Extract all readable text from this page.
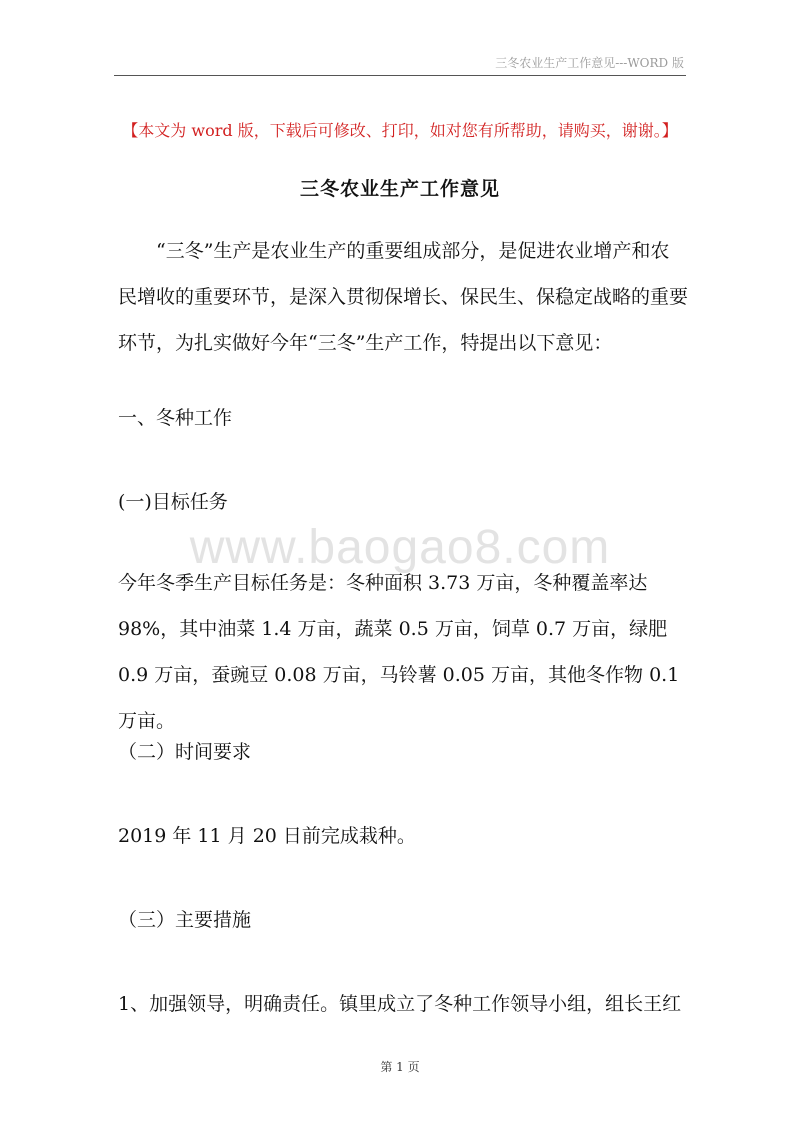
三冬农业生产工作意见---WORD 版
【本文为 word 版，下载后可修改、打印，如对您有所帮助，请购买，谢谢。】
三冬农业生产工作意见
“三冬”生产是农业生产的重要组成部分，是促进农业增产和农民增收的重要环节，是深入贯彻保增长、保民生、保稳定战略的重要环节，为扎实做好今年“三冬”生产工作，特提出以下意见：
一、冬种工作
(一)目标任务
www.baogao8.com
今年冬季生产目标任务是：冬种面积 3.73 万亩，冬种覆盖率达 98%，其中油菜 1.4 万亩，蔬菜 0.5 万亩，饲草 0.7 万亩，绿肥 0.9 万亩，蚕豌豆 0.08 万亩，马铃薯 0.05 万亩，其他冬作物 0.1 万亩。
（二）时间要求
2019 年 11 月 20 日前完成栽种。
（三）主要措施
1、加强领导，明确责任。镇里成立了冬种工作领导小组，组长王红
第 1 页
